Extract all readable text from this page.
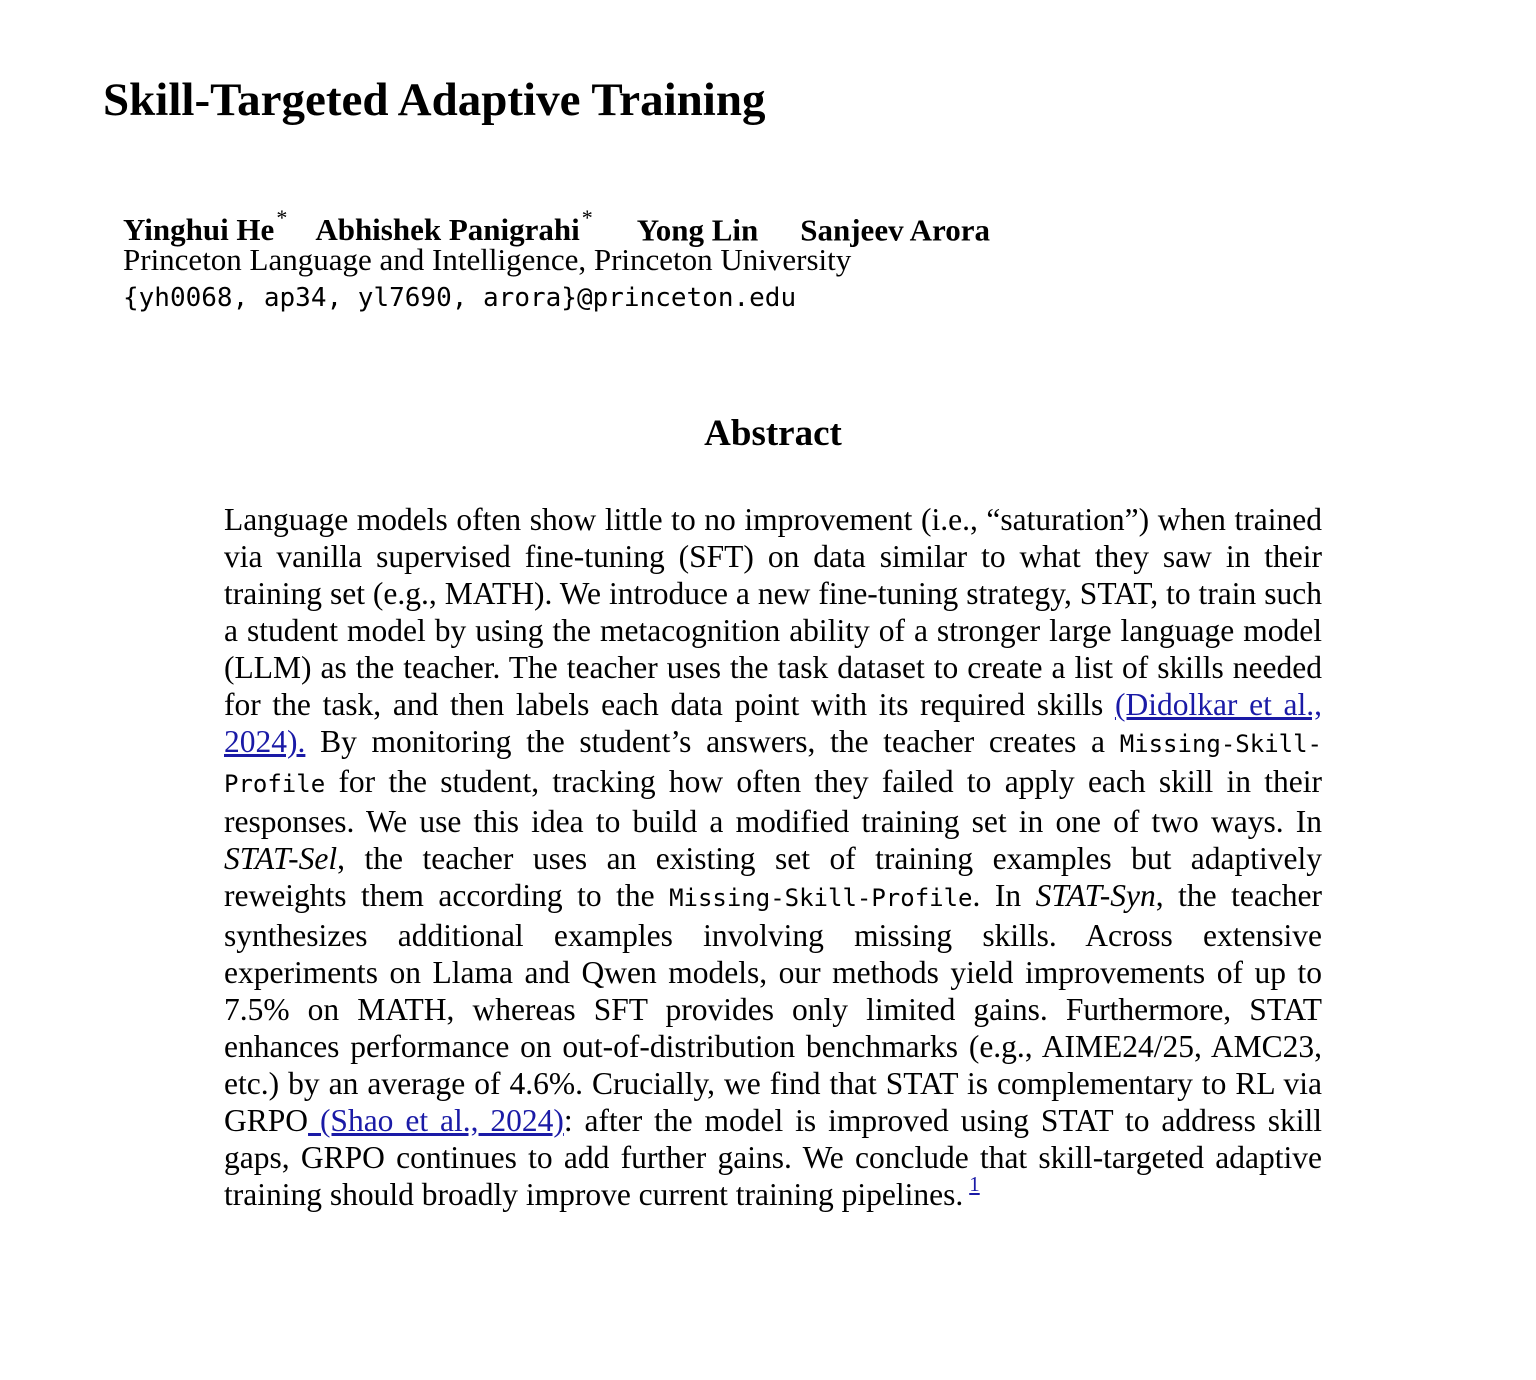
Skill-Targeted Adaptive Training
Yinghui He* Abhishek Panigrahi* Yong Lin Sanjeev Arora
Princeton Language and Intelligence, Princeton University
{yh0068, ap34, yl7690, arora}@princeton.edu
Abstract

Language models often show little to no improvement (i.e., “saturation”) when trained via vanilla supervised fine-tuning (SFT) on data similar to what they saw in their training set (e.g., MATH). We introduce a new fine-tuning strategy, STAT, to train such a student model by using the metacognition ability of a stronger large language model (LLM) as the teacher. The teacher uses the task dataset to create a list of skills needed for the task, and then labels each data point with its required skills (Didolkar et al., 2024). By monitoring the student’s answers, the teacher creates a Missing-Skill-Profile for the student, tracking how often they failed to apply each skill in their responses. We use this idea to build a modified training set in one of two ways. In STAT-Sel, the teacher uses an existing set of training examples but adaptively reweights them according to the Missing-Skill-Profile. In STAT-Syn, the teacher synthesizes additional examples involving missing skills. Across extensive experiments on Llama and Qwen models, our methods yield improvements of up to 7.5% on MATH, whereas SFT provides only limited gains. Furthermore, STAT enhances performance on out-of-distribution benchmarks (e.g., AIME24/25, AMC23, etc.) by an average of 4.6%. Crucially, we find that STAT is complementary to RL via GRPO (Shao et al., 2024): after the model is improved using STAT to address skill gaps, GRPO continues to add further gains. We conclude that skill-targeted adaptive training should broadly improve current training pipelines. $^1$
